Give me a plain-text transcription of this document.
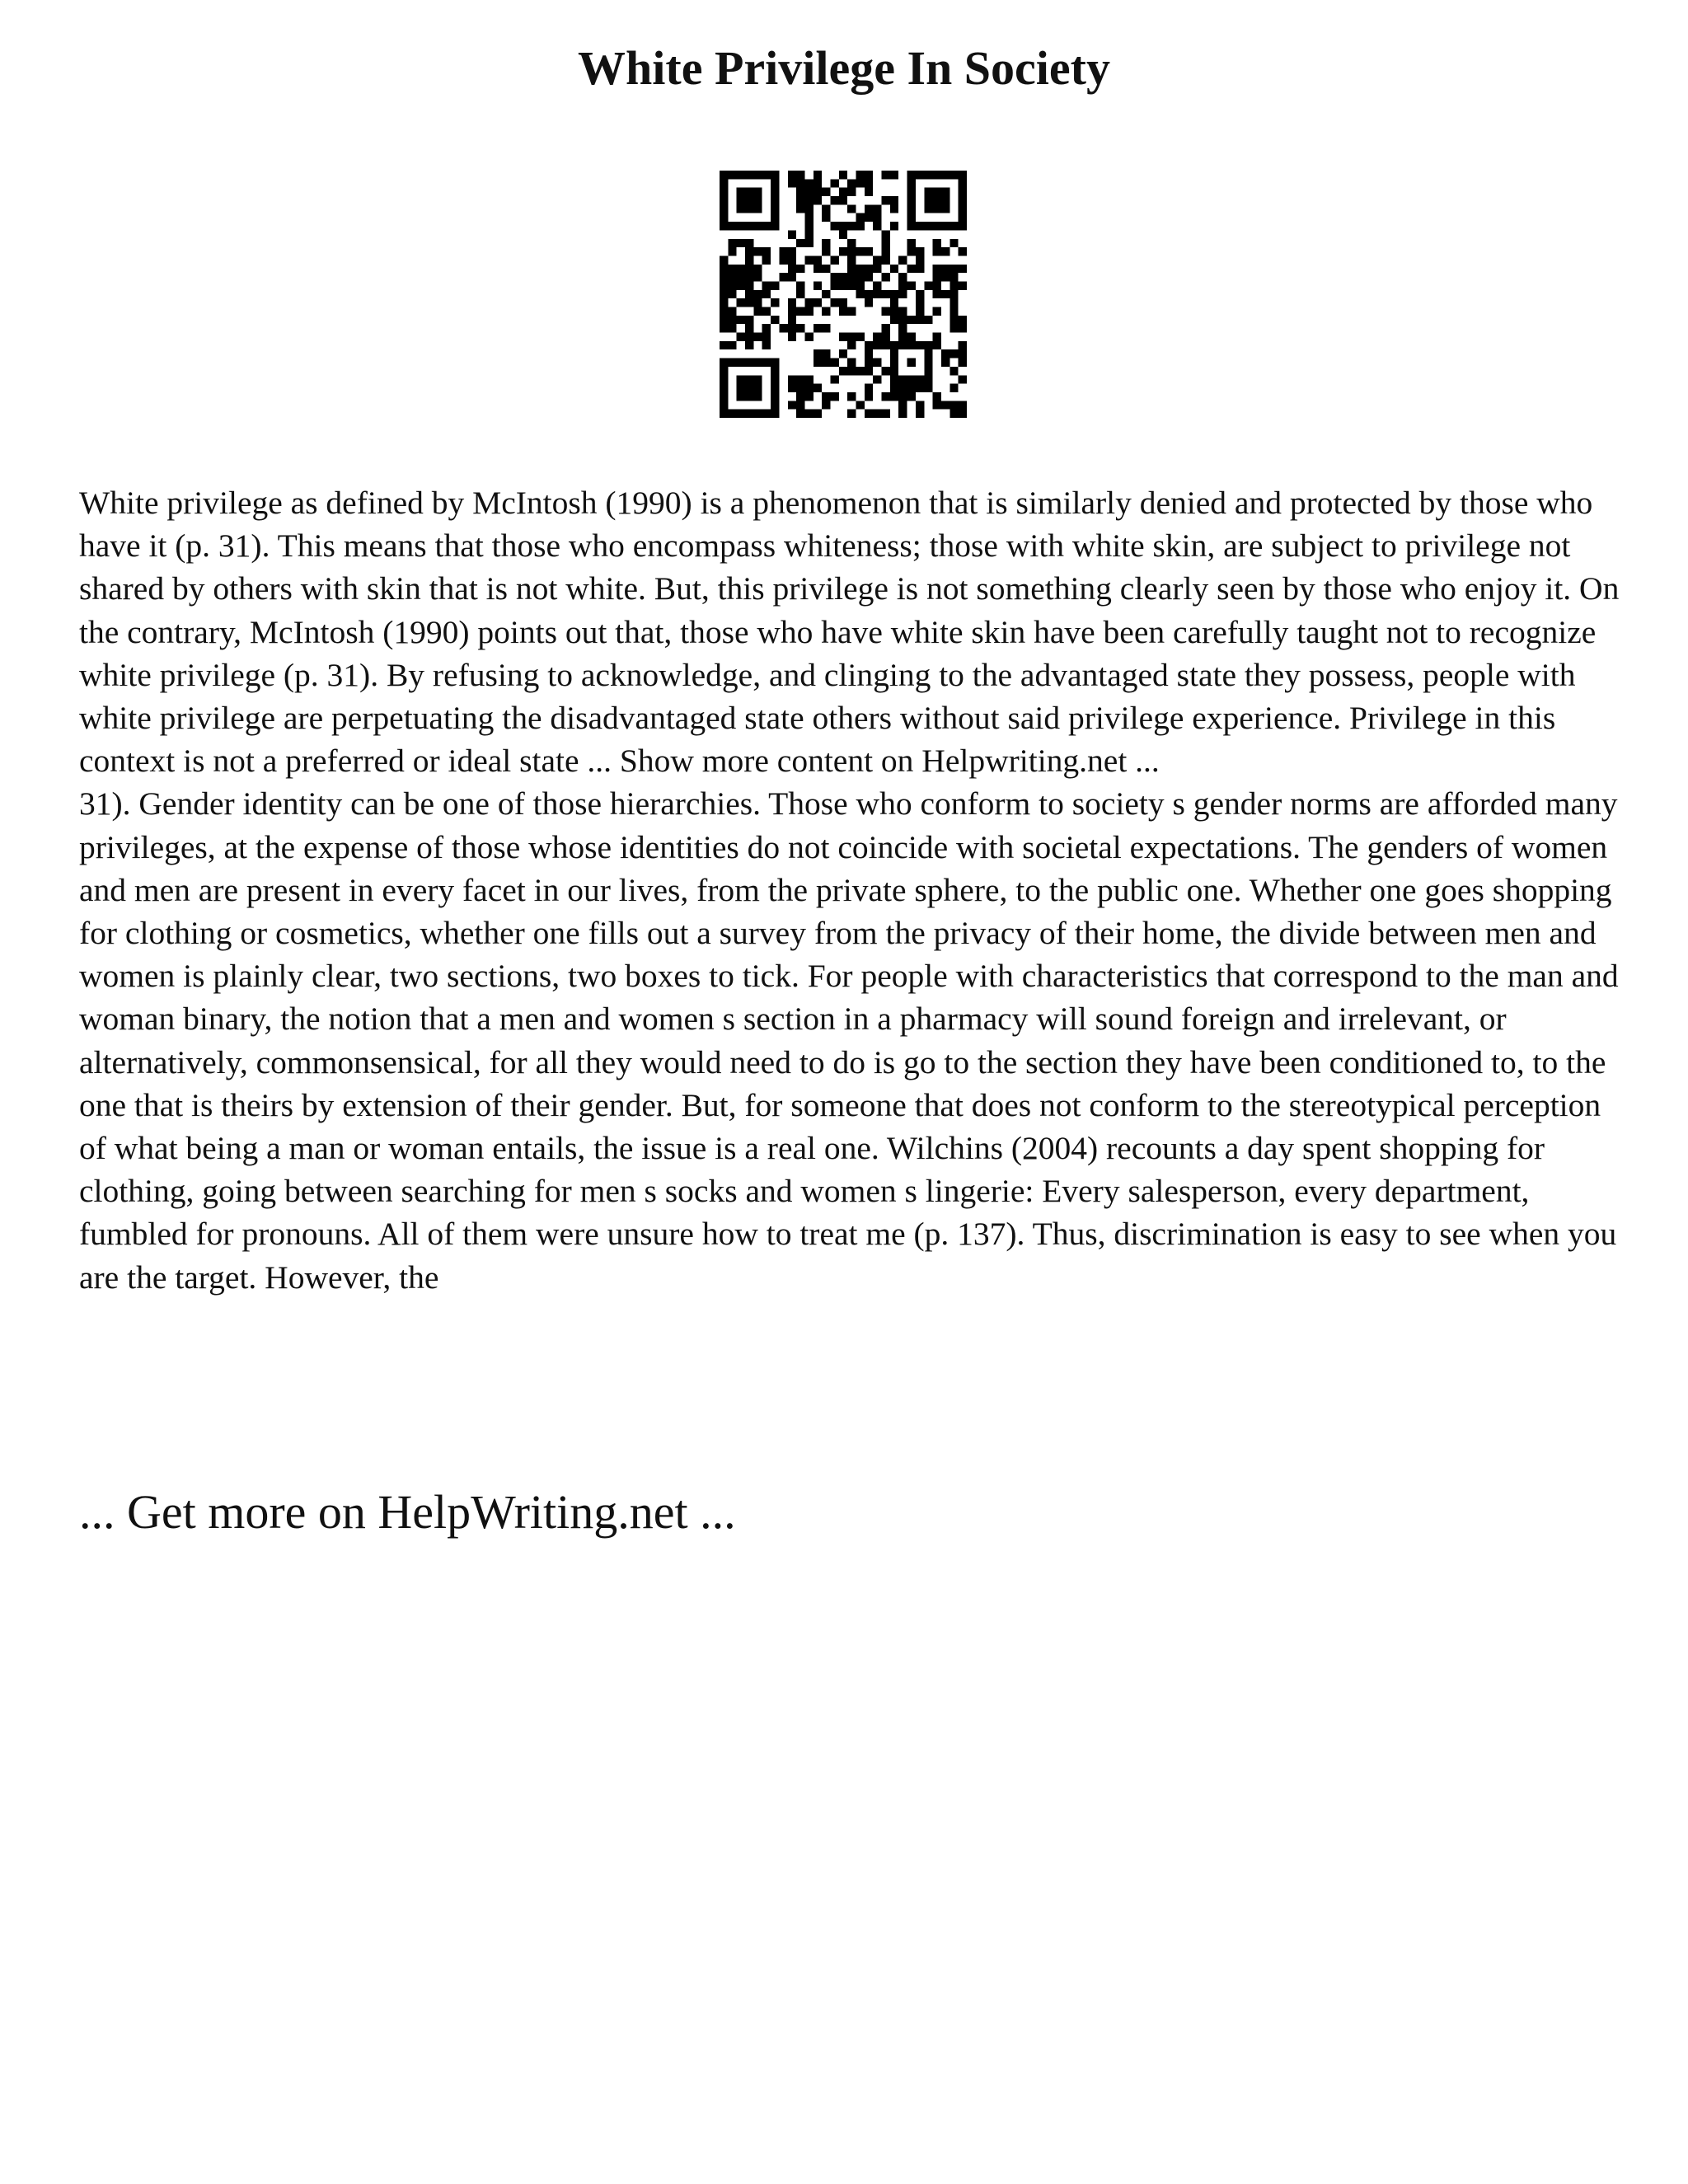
White Privilege In Society

White privilege as defined by McIntosh (1990) is a phenomenon that is similarly denied and protected by those who have it (p. 31). This means that those who encompass whiteness; those with white skin, are subject to privilege not shared by others with skin that is not white. But, this privilege is not something clearly seen by those who enjoy it. On the contrary, McIntosh (1990) points out that, those who have white skin have been carefully taught not to recognize white privilege (p. 31). By refusing to acknowledge, and clinging to the advantaged state they possess, people with white privilege are perpetuating the disadvantaged state others without said privilege experience. Privilege in this context is not a preferred or ideal state ... Show more content on Helpwriting.net ...

31). Gender identity can be one of those hierarchies. Those who conform to society s gender norms are afforded many privileges, at the expense of those whose identities do not coincide with societal expectations. The genders of women and men are present in every facet in our lives, from the private sphere, to the public one. Whether one goes shopping for clothing or cosmetics, whether one fills out a survey from the privacy of their home, the divide between men and women is plainly clear, two sections, two boxes to tick. For people with characteristics that correspond to the man and woman binary, the notion that a men and women s section in a pharmacy will sound foreign and irrelevant, or alternatively, commonsensical, for all they would need to do is go to the section they have been conditioned to, to the one that is theirs by extension of their gender. But, for someone that does not conform to the stereotypical perception of what being a man or woman entails, the issue is a real one. Wilchins (2004) recounts a day spent shopping for clothing, going between searching for men s socks and women s lingerie: Every salesperson, every department, fumbled for pronouns. All of them were unsure how to treat me (p. 137). Thus, discrimination is easy to see when you are the target. However, the

... Get more on HelpWriting.net ...
